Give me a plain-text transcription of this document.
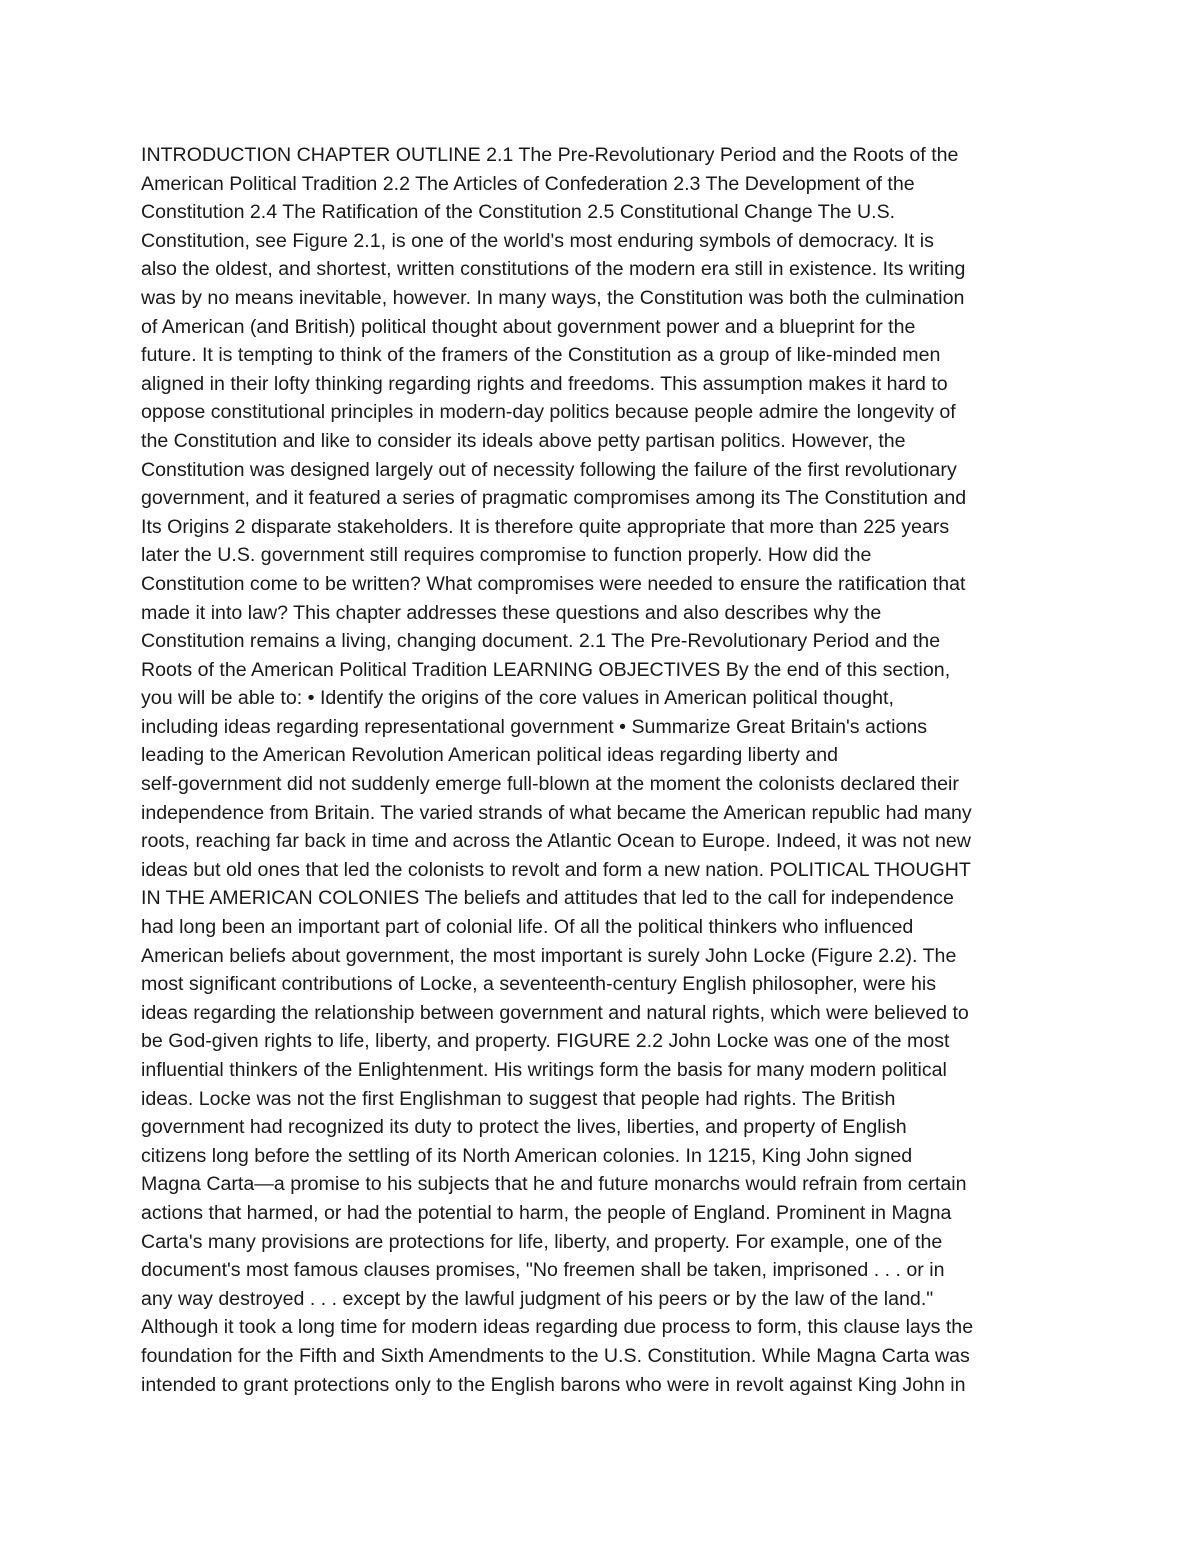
INTRODUCTION CHAPTER OUTLINE 2.1 The Pre-Revolutionary Period and the Roots of the
American Political Tradition 2.2 The Articles of Confederation 2.3 The Development of the
Constitution 2.4 The Ratification of the Constitution 2.5 Constitutional Change The U.S.
Constitution, see Figure 2.1, is one of the world's most enduring symbols of democracy. It is
also the oldest, and shortest, written constitutions of the modern era still in existence. Its writing
was by no means inevitable, however. In many ways, the Constitution was both the culmination
of American (and British) political thought about government power and a blueprint for the
future. It is tempting to think of the framers of the Constitution as a group of like-minded men
aligned in their lofty thinking regarding rights and freedoms. This assumption makes it hard to
oppose constitutional principles in modern-day politics because people admire the longevity of
the Constitution and like to consider its ideals above petty partisan politics. However, the
Constitution was designed largely out of necessity following the failure of the first revolutionary
government, and it featured a series of pragmatic compromises among its The Constitution and
Its Origins 2 disparate stakeholders. It is therefore quite appropriate that more than 225 years
later the U.S. government still requires compromise to function properly. How did the
Constitution come to be written? What compromises were needed to ensure the ratification that
made it into law? This chapter addresses these questions and also describes why the
Constitution remains a living, changing document. 2.1 The Pre-Revolutionary Period and the
Roots of the American Political Tradition LEARNING OBJECTIVES By the end of this section,
you will be able to: • Identify the origins of the core values in American political thought,
including ideas regarding representational government • Summarize Great Britain's actions
leading to the American Revolution American political ideas regarding liberty and
self-government did not suddenly emerge full-blown at the moment the colonists declared their
independence from Britain. The varied strands of what became the American republic had many
roots, reaching far back in time and across the Atlantic Ocean to Europe. Indeed, it was not new
ideas but old ones that led the colonists to revolt and form a new nation. POLITICAL THOUGHT
IN THE AMERICAN COLONIES The beliefs and attitudes that led to the call for independence
had long been an important part of colonial life. Of all the political thinkers who influenced
American beliefs about government, the most important is surely John Locke (Figure 2.2). The
most significant contributions of Locke, a seventeenth-century English philosopher, were his
ideas regarding the relationship between government and natural rights, which were believed to
be God-given rights to life, liberty, and property. FIGURE 2.2 John Locke was one of the most
influential thinkers of the Enlightenment. His writings form the basis for many modern political
ideas. Locke was not the first Englishman to suggest that people had rights. The British
government had recognized its duty to protect the lives, liberties, and property of English
citizens long before the settling of its North American colonies. In 1215, King John signed
Magna Carta—a promise to his subjects that he and future monarchs would refrain from certain
actions that harmed, or had the potential to harm, the people of England. Prominent in Magna
Carta's many provisions are protections for life, liberty, and property. For example, one of the
document's most famous clauses promises, "No freemen shall be taken, imprisoned . . . or in
any way destroyed . . . except by the lawful judgment of his peers or by the law of the land."
Although it took a long time for modern ideas regarding due process to form, this clause lays the
foundation for the Fifth and Sixth Amendments to the U.S. Constitution. While Magna Carta was
intended to grant protections only to the English barons who were in revolt against King John in
